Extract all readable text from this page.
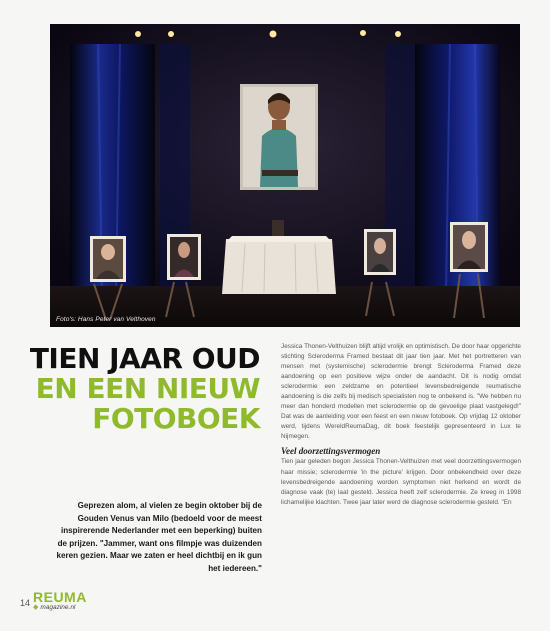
Foto's: Hans Peter van Velthoven
TIEN JAAR OUD
EN EEN NIEUW
FOTOBOEK
Geprezen alom, al vielen ze begin oktober bij de Gouden Venus van Milo (bedoeld voor de meest inspirerende Nederlander met een beperking) buiten de prijzen. "Jammer, want ons filmpje was duizenden keren gezien. Maar we zaten er heel dichtbij en ik gun het iedereen."

Jessica Thonen-Velthuizen blijft altijd vrolijk en optimistisch. De door haar opgerichte stichting Scleroderma Framed bestaat dit jaar tien jaar. Met het portretteren van mensen met (systemische) sclerodermie brengt Scleroderma Framed deze aandoening op een positieve wijze onder de aandacht. Dit is nodig omdat sclerodermie een zeldzame en potentieel levensbedreigende reumatische aandoening is die zelfs bij medisch specialisten nog te onbekend is. "We hebben nu meer dan honderd modellen met sclerodermie op de gevoelige plaat vastgelegd!" Dat was de aanleiding voor een feest en een nieuw fotoboek. Op vrijdag 12 oktober werd, tijdens WereldReumaDag, dit boek feestelijk gepresenteerd in Lux te Nijmegen.

Veel doorzettingsvermogen

Tien jaar geleden begon Jessica Thonen-Velthuizen met veel doorzettingsvermogen haar missie; sclerodermie 'in the picture' krijgen. Door onbekendheid over deze levensbedreigende aandoening worden symptomen niet herkend en wordt de diagnose vaak (te) laat gesteld. Jessica heeft zelf sclerodermie. Ze kreeg in 1998 lichamelijke klachten. Twee jaar later werd de diagnose sclerodermie gesteld. "En

14 REUMA
◆ magazine.nl
